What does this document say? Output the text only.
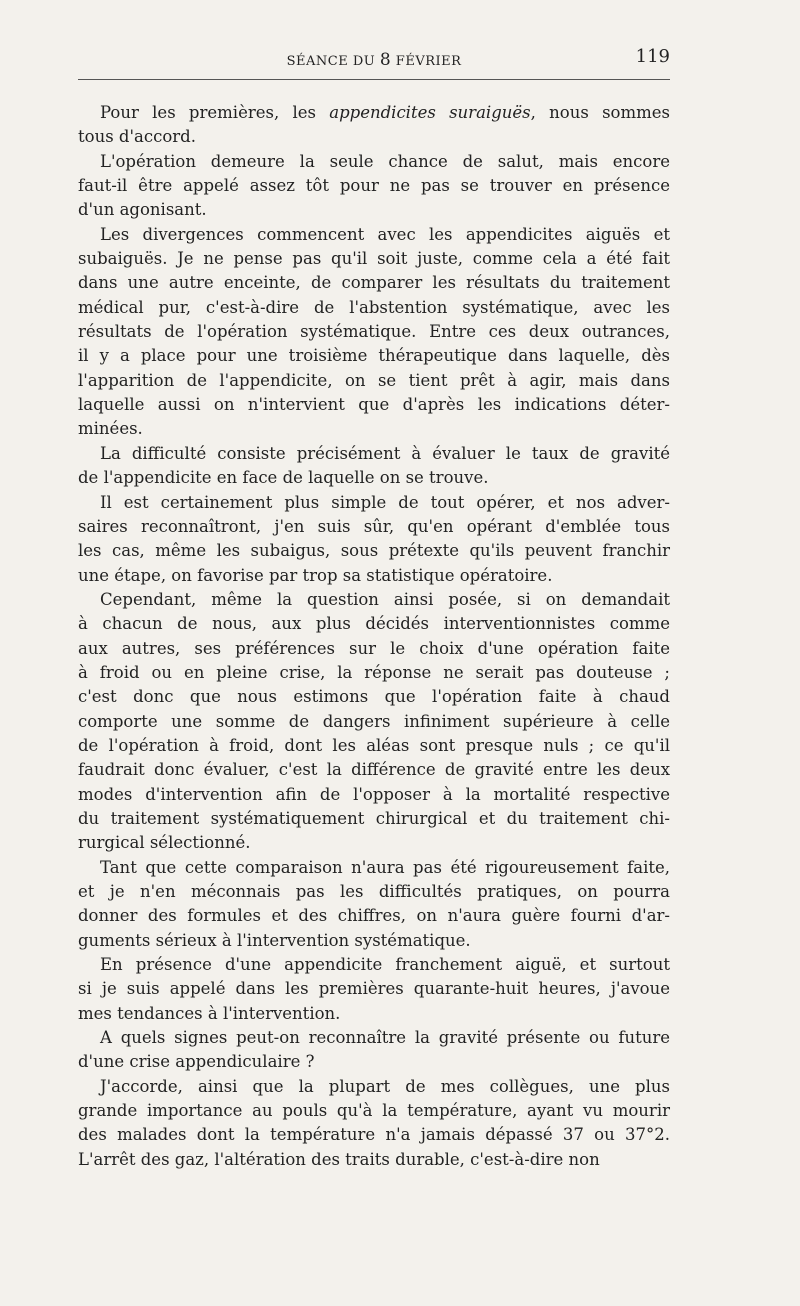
SÉANCE DU 8 FÉVRIER	119
Pour les premières, les appendicites suraiguës, nous sommes
tous d'accord.
L'opération demeure la seule chance de salut, mais encore
faut-il être appelé assez tôt pour ne pas se trouver en présence
d'un agonisant.
Les divergences commencent avec les appendicites aiguës et
subaiguës. Je ne pense pas qu'il soit juste, comme cela a été fait
dans une autre enceinte, de comparer les résultats du traitement
médical pur, c'est-à-dire de l'abstention systématique, avec les
résultats de l'opération systématique. Entre ces deux outrances,
il y a place pour une troisième thérapeutique dans laquelle, dès
l'apparition de l'appendicite, on se tient prêt à agir, mais dans
laquelle aussi on n'intervient que d'après les indications déter-
minées.
La difficulté consiste précisément à évaluer le taux de gravité
de l'appendicite en face de laquelle on se trouve.
Il est certainement plus simple de tout opérer, et nos adver-
saires reconnaîtront, j'en suis sûr, qu'en opérant d'emblée tous
les cas, même les subaigus, sous prétexte qu'ils peuvent franchir
une étape, on favorise par trop sa statistique opératoire.
Cependant, même la question ainsi posée, si on demandait
à chacun de nous, aux plus décidés interventionnistes comme
aux autres, ses préférences sur le choix d'une opération faite
à froid ou en pleine crise, la réponse ne serait pas douteuse ;
c'est donc que nous estimons que l'opération faite à chaud
comporte une somme de dangers infiniment supérieure à celle
de l'opération à froid, dont les aléas sont presque nuls ; ce qu'il
faudrait donc évaluer, c'est la différence de gravité entre les deux
modes d'intervention afin de l'opposer à la mortalité respective
du traitement systématiquement chirurgical et du traitement chi-
rurgical sélectionné.
Tant que cette comparaison n'aura pas été rigoureusement faite,
et je n'en méconnais pas les difficultés pratiques, on pourra
donner des formules et des chiffres, on n'aura guère fourni d'ar-
guments sérieux à l'intervention systématique.
En présence d'une appendicite franchement aiguë, et surtout
si je suis appelé dans les premières quarante-huit heures, j'avoue
mes tendances à l'intervention.
A quels signes peut-on reconnaître la gravité présente ou future
d'une crise appendiculaire ?
J'accorde, ainsi que la plupart de mes collègues, une plus
grande importance au pouls qu'à la température, ayant vu mourir
des malades dont la température n'a jamais dépassé 37 ou 37°2.
L'arrêt des gaz, l'altération des traits durable, c'est-à-dire non
